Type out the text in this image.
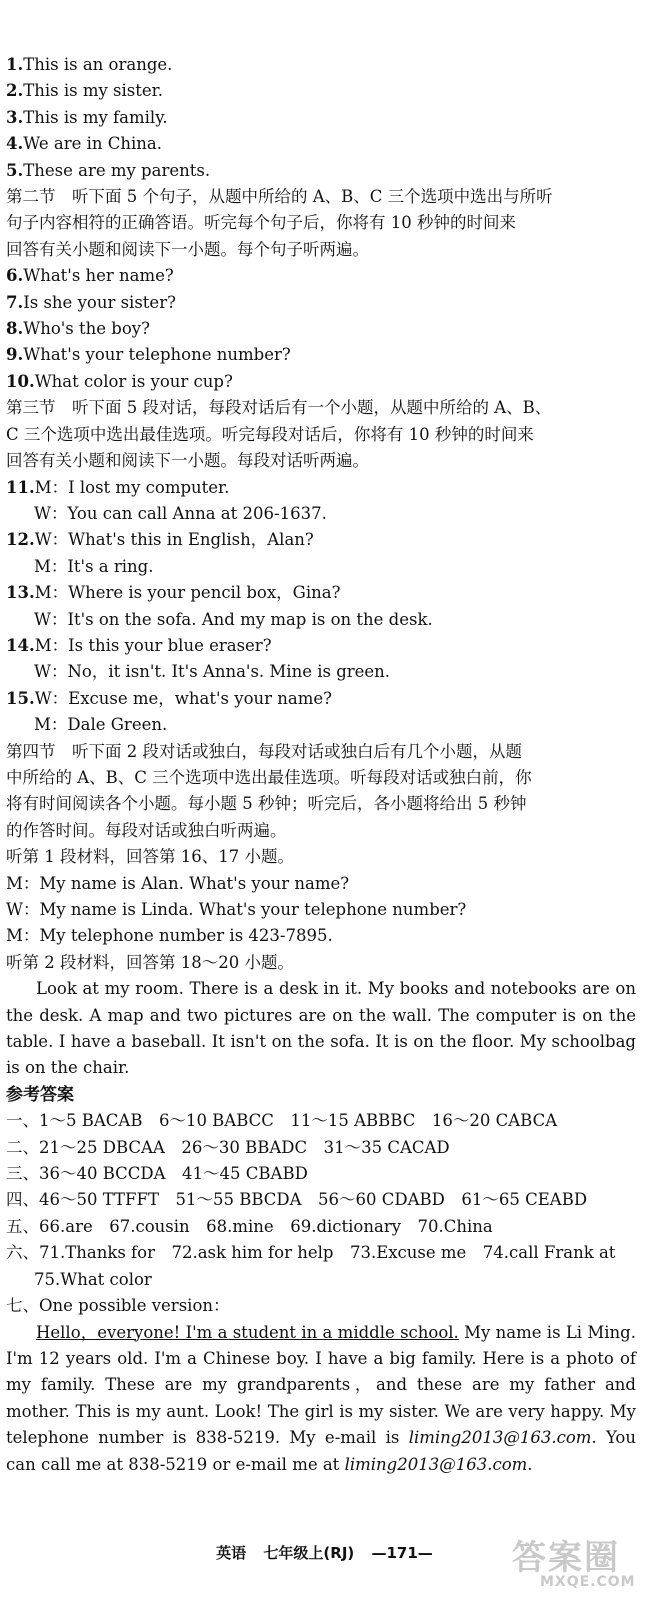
1.This is an orange.
2.This is my sister.
3.This is my family.
4.We are in China.
5.These are my parents.
第二节　听下面 5 个句子，从题中所给的 A、B、C 三个选项中选出与所听
句子内容相符的正确答语。听完每个句子后，你将有 10 秒钟的时间来
回答有关小题和阅读下一小题。每个句子听两遍。
6.What's her name?
7.Is she your sister?
8.Who's the boy?
9.What's your telephone number?
10.What color is your cup?
第三节　听下面 5 段对话，每段对话后有一个小题，从题中所给的 A、B、
C 三个选项中选出最佳选项。听完每段对话后，你将有 10 秒钟的时间来
回答有关小题和阅读下一小题。每段对话听两遍。
11.M：I lost my computer.
W：You can call Anna at 206-1637.
12.W：What's this in English，Alan?
M：It's a ring.
13.M：Where is your pencil box，Gina?
W：It's on the sofa. And my map is on the desk.
14.M：Is this your blue eraser?
W：No，it isn't. It's Anna's. Mine is green.
15.W：Excuse me，what's your name?
M：Dale Green.
第四节　听下面 2 段对话或独白，每段对话或独白后有几个小题，从题
中所给的 A、B、C 三个选项中选出最佳选项。听每段对话或独白前，你
将有时间阅读各个小题。每小题 5 秒钟；听完后，各小题将给出 5 秒钟
的作答时间。每段对话或独白听两遍。
听第 1 段材料，回答第 16、17 小题。
M：My name is Alan. What's your name?
W：My name is Linda. What's your telephone number?
M：My telephone number is 423-7895.
听第 2 段材料，回答第 18～20 小题。
Look at my room. There is a desk in it. My books and notebooks are on the desk. A map and two pictures are on the wall. The computer is on the table. I have a baseball. It isn't on the sofa. It is on the floor. My schoolbag is on the chair.
参考答案
一、1～5 BACAB　6～10 BABCC　11～15 ABBBC　16～20 CABCA
二、21～25 DBCAA　26～30 BBADC　31～35 CACAD
三、36～40 BCCDA　41～45 CBABD
四、46～50 TTFFT　51～55 BBCDA　56～60 CDABD　61～65 CEABD
五、66.are　67.cousin　68.mine　69.dictionary　70.China
六、71.Thanks for　72.ask him for help　73.Excuse me　74.call Frank at
75.What color
七、One possible version：
Hello，everyone! I'm a student in a middle school. My name is Li Ming. I'm 12 years old. I'm a Chinese boy. I have a big family. Here is a photo of my family. These are my grandparents，and these are my father and mother. This is my aunt. Look! The girl is my sister. We are very happy. My telephone number is 838-5219. My e-mail is liming2013@163.com. You can call me at 838-5219 or e-mail me at liming2013@163.com.
英语 七年级上(RJ) —171—	答案圈
MXQE.COM
